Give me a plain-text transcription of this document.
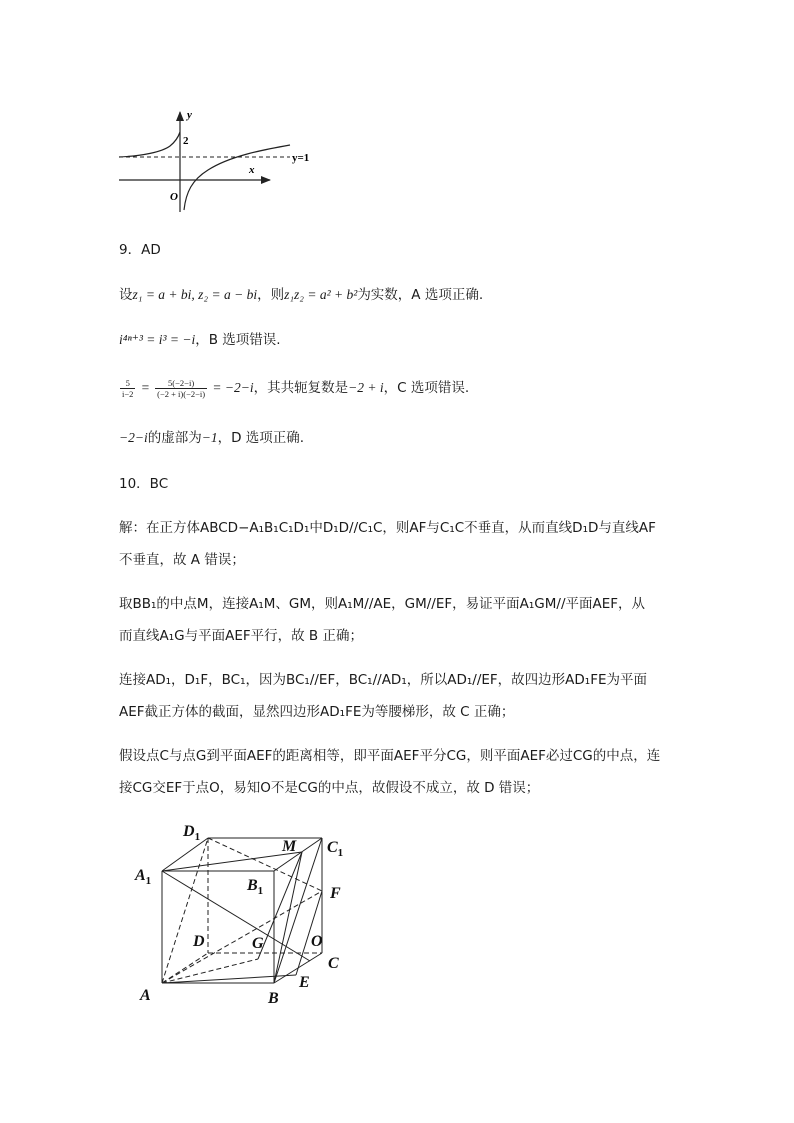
y
x
2
O
y=1
9．AD
设z₁ = a + bi, z₂ = a − bi，则z₁z₂ = a² + b²为实数，A 选项正确.
i⁴ⁿ⁺³ = i³ = −i，B 选项错误.
$\frac{5}{i-2} = \frac{5(-2-i)}{(-2 + i)(-2-i)} = -2-i$，其共轭复数是−2 + i，C 选项错误.
−2−i的虚部为−1，D 选项正确.
10．BC
解：在正方体ABCD−A₁B₁C₁D₁中D₁D//C₁C，则AF与C₁C不垂直，从而直线D₁D与直线AF
不垂直，故 A 错误；
取BB₁的中点M，连接A₁M、GM，则A₁M//AE，GM//EF，易证平面A₁GM//平面AEF，从
而直线A₁G与平面AEF平行，故 B 正确；
连接AD₁，D₁F，BC₁，因为BC₁//EF，BC₁//AD₁，所以AD₁//EF，故四边形AD₁FE为平面
AEF截正方体的截面，显然四边形AD₁FE为等腰梯形，故 C 正确；
假设点C与点G到平面AEF的距离相等，即平面AEF平分CG，则平面AEF必过CG的中点，连
接CG交EF于点O，易知O不是CG的中点，故假设不成立，故 D 错误；
$D_1$
$C_1$
$A_1$	$B_1$
M
F
D	G	O
C
A	B
E
